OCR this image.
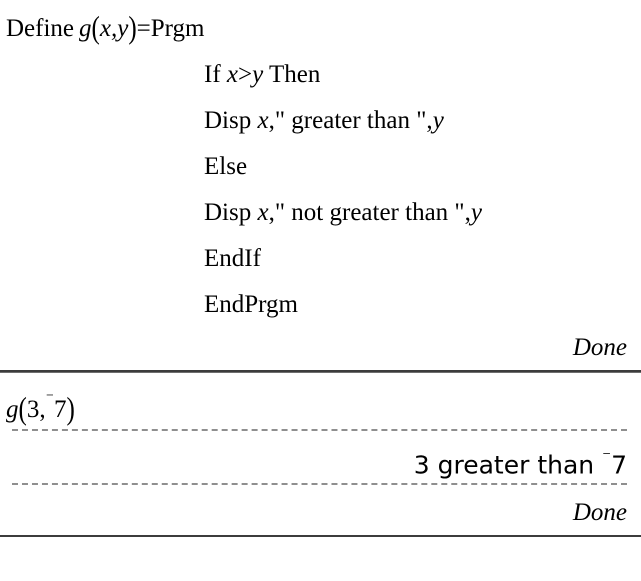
Define g(x,y)=Prgm
If x>y Then
Disp x," greater than ",y
Else
Disp x," not greater than ",y
EndIf
EndPrgm
Done
g(3,⁻7)
3 greater than ⁻7
Done
